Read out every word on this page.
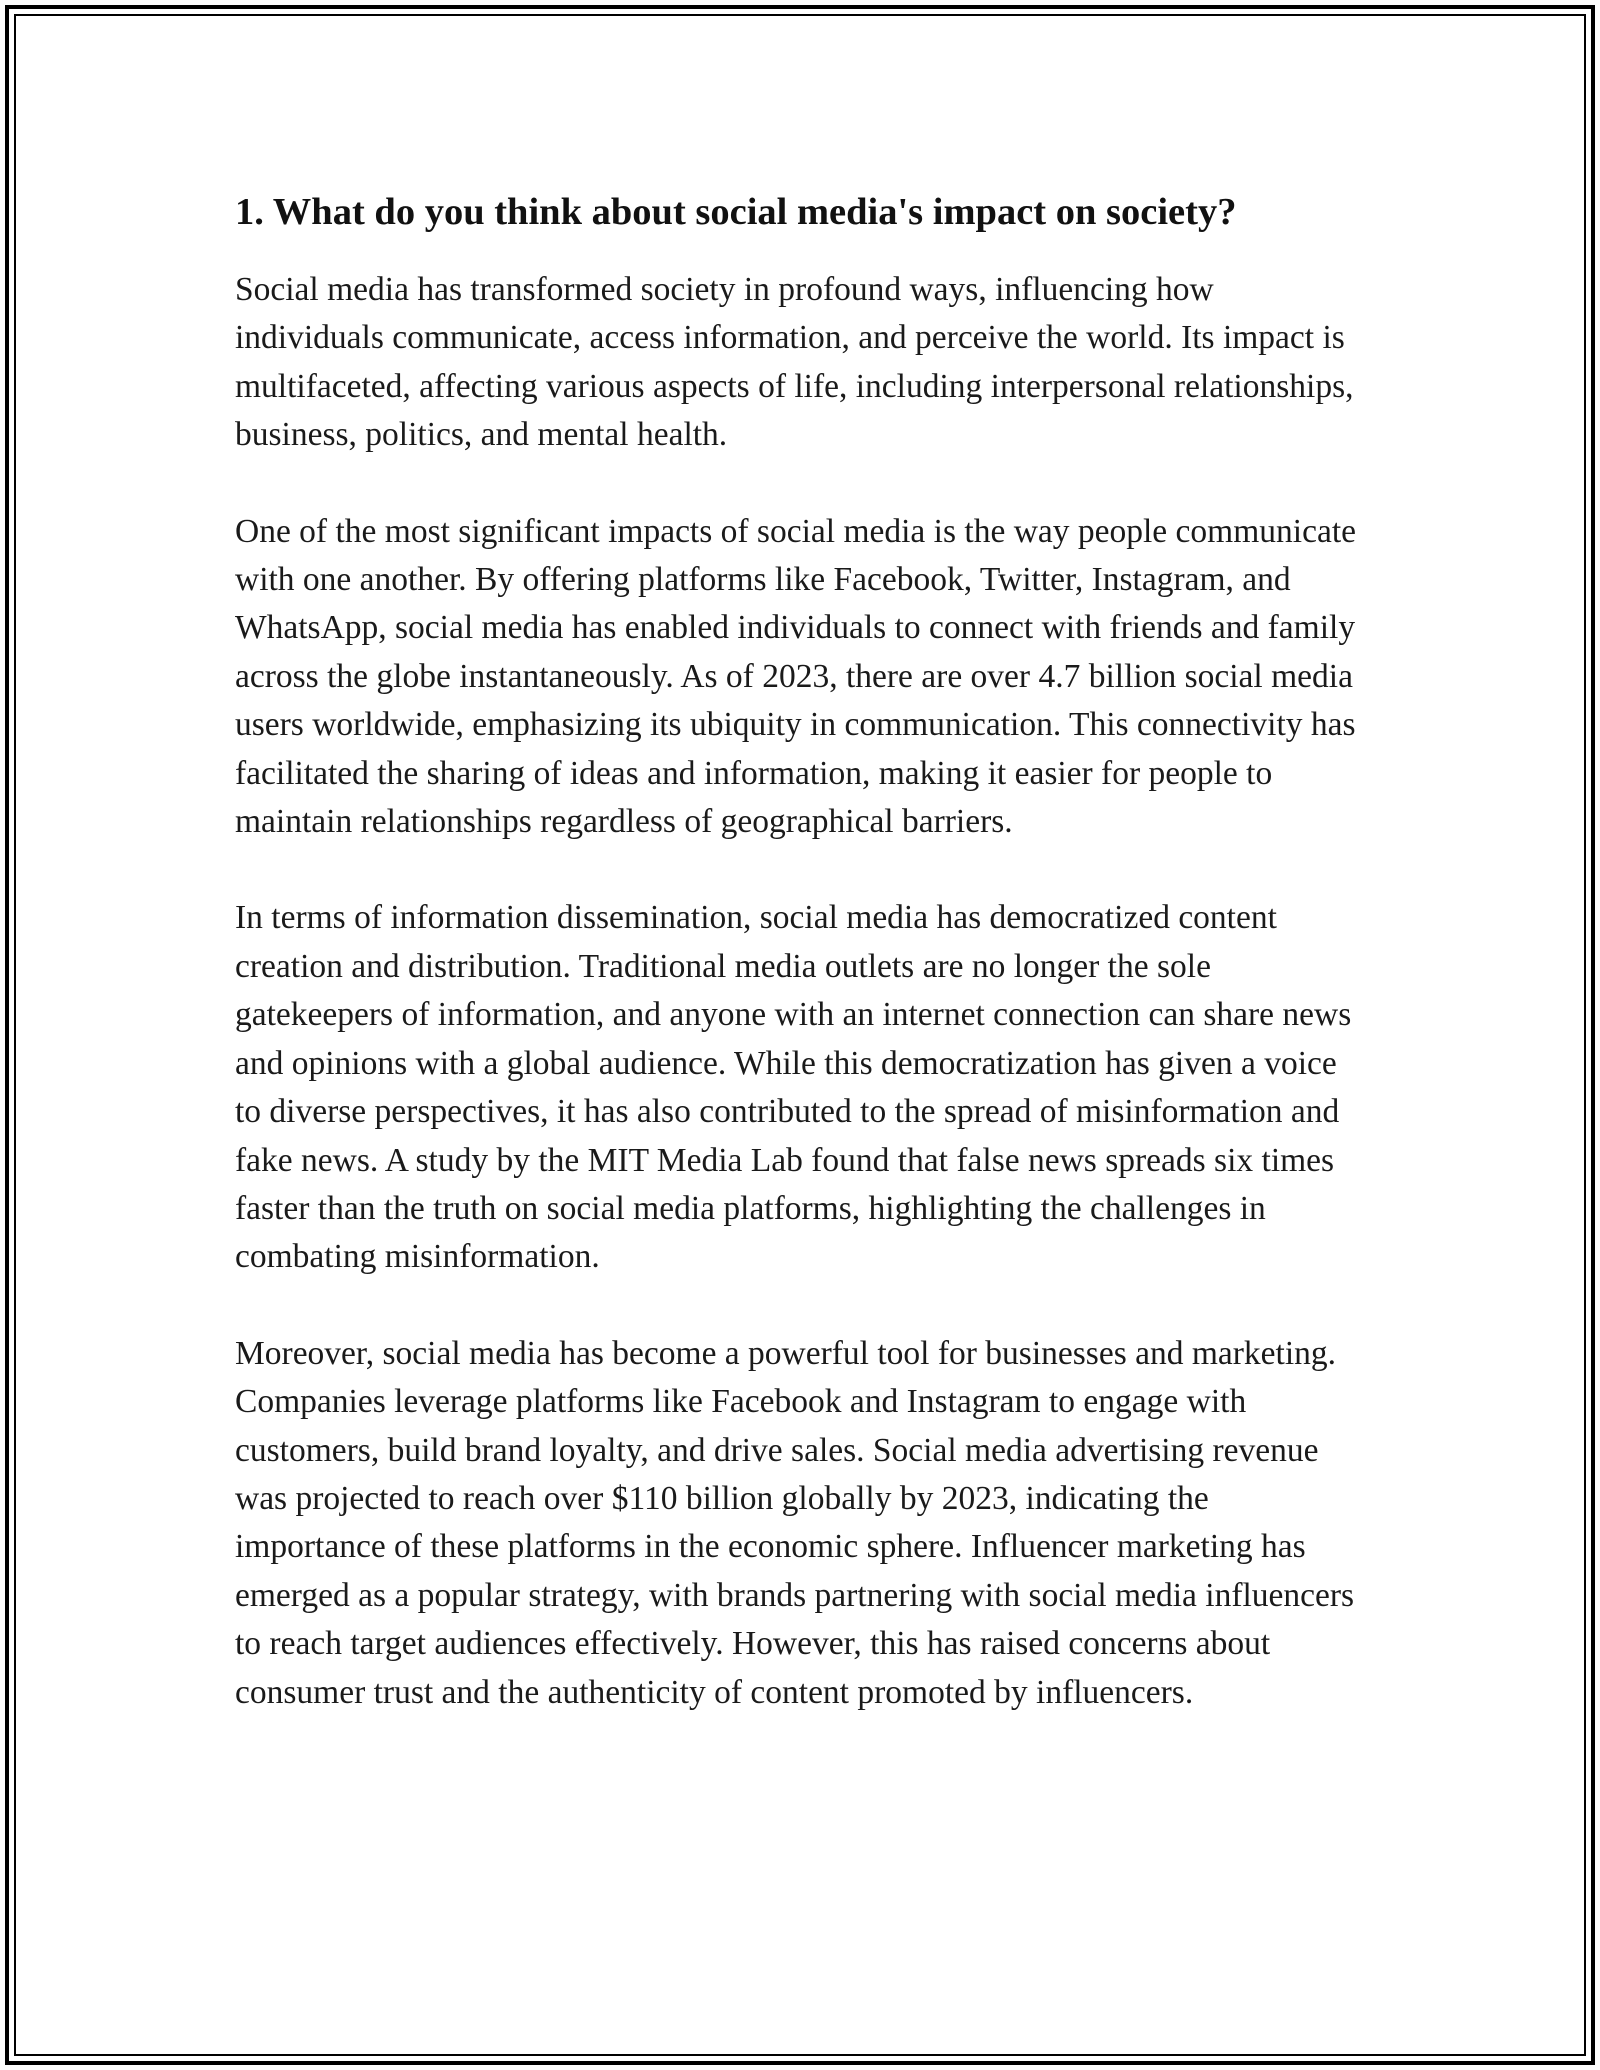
1. What do you think about social media's impact on society?

Social media has transformed society in profound ways, influencing how individuals communicate, access information, and perceive the world. Its impact is multifaceted, affecting various aspects of life, including interpersonal relationships, business, politics, and mental health.

One of the most significant impacts of social media is the way people communicate with one another. By offering platforms like Facebook, Twitter, Instagram, and WhatsApp, social media has enabled individuals to connect with friends and family across the globe instantaneously. As of 2023, there are over 4.7 billion social media users worldwide, emphasizing its ubiquity in communication. This connectivity has facilitated the sharing of ideas and information, making it easier for people to maintain relationships regardless of geographical barriers.

In terms of information dissemination, social media has democratized content creation and distribution. Traditional media outlets are no longer the sole gatekeepers of information, and anyone with an internet connection can share news and opinions with a global audience. While this democratization has given a voice to diverse perspectives, it has also contributed to the spread of misinformation and fake news. A study by the MIT Media Lab found that false news spreads six times faster than the truth on social media platforms, highlighting the challenges in combating misinformation.

Moreover, social media has become a powerful tool for businesses and marketing. Companies leverage platforms like Facebook and Instagram to engage with customers, build brand loyalty, and drive sales. Social media advertising revenue was projected to reach over $110 billion globally by 2023, indicating the importance of these platforms in the economic sphere. Influencer marketing has emerged as a popular strategy, with brands partnering with social media influencers to reach target audiences effectively. However, this has raised concerns about consumer trust and the authenticity of content promoted by influencers.
